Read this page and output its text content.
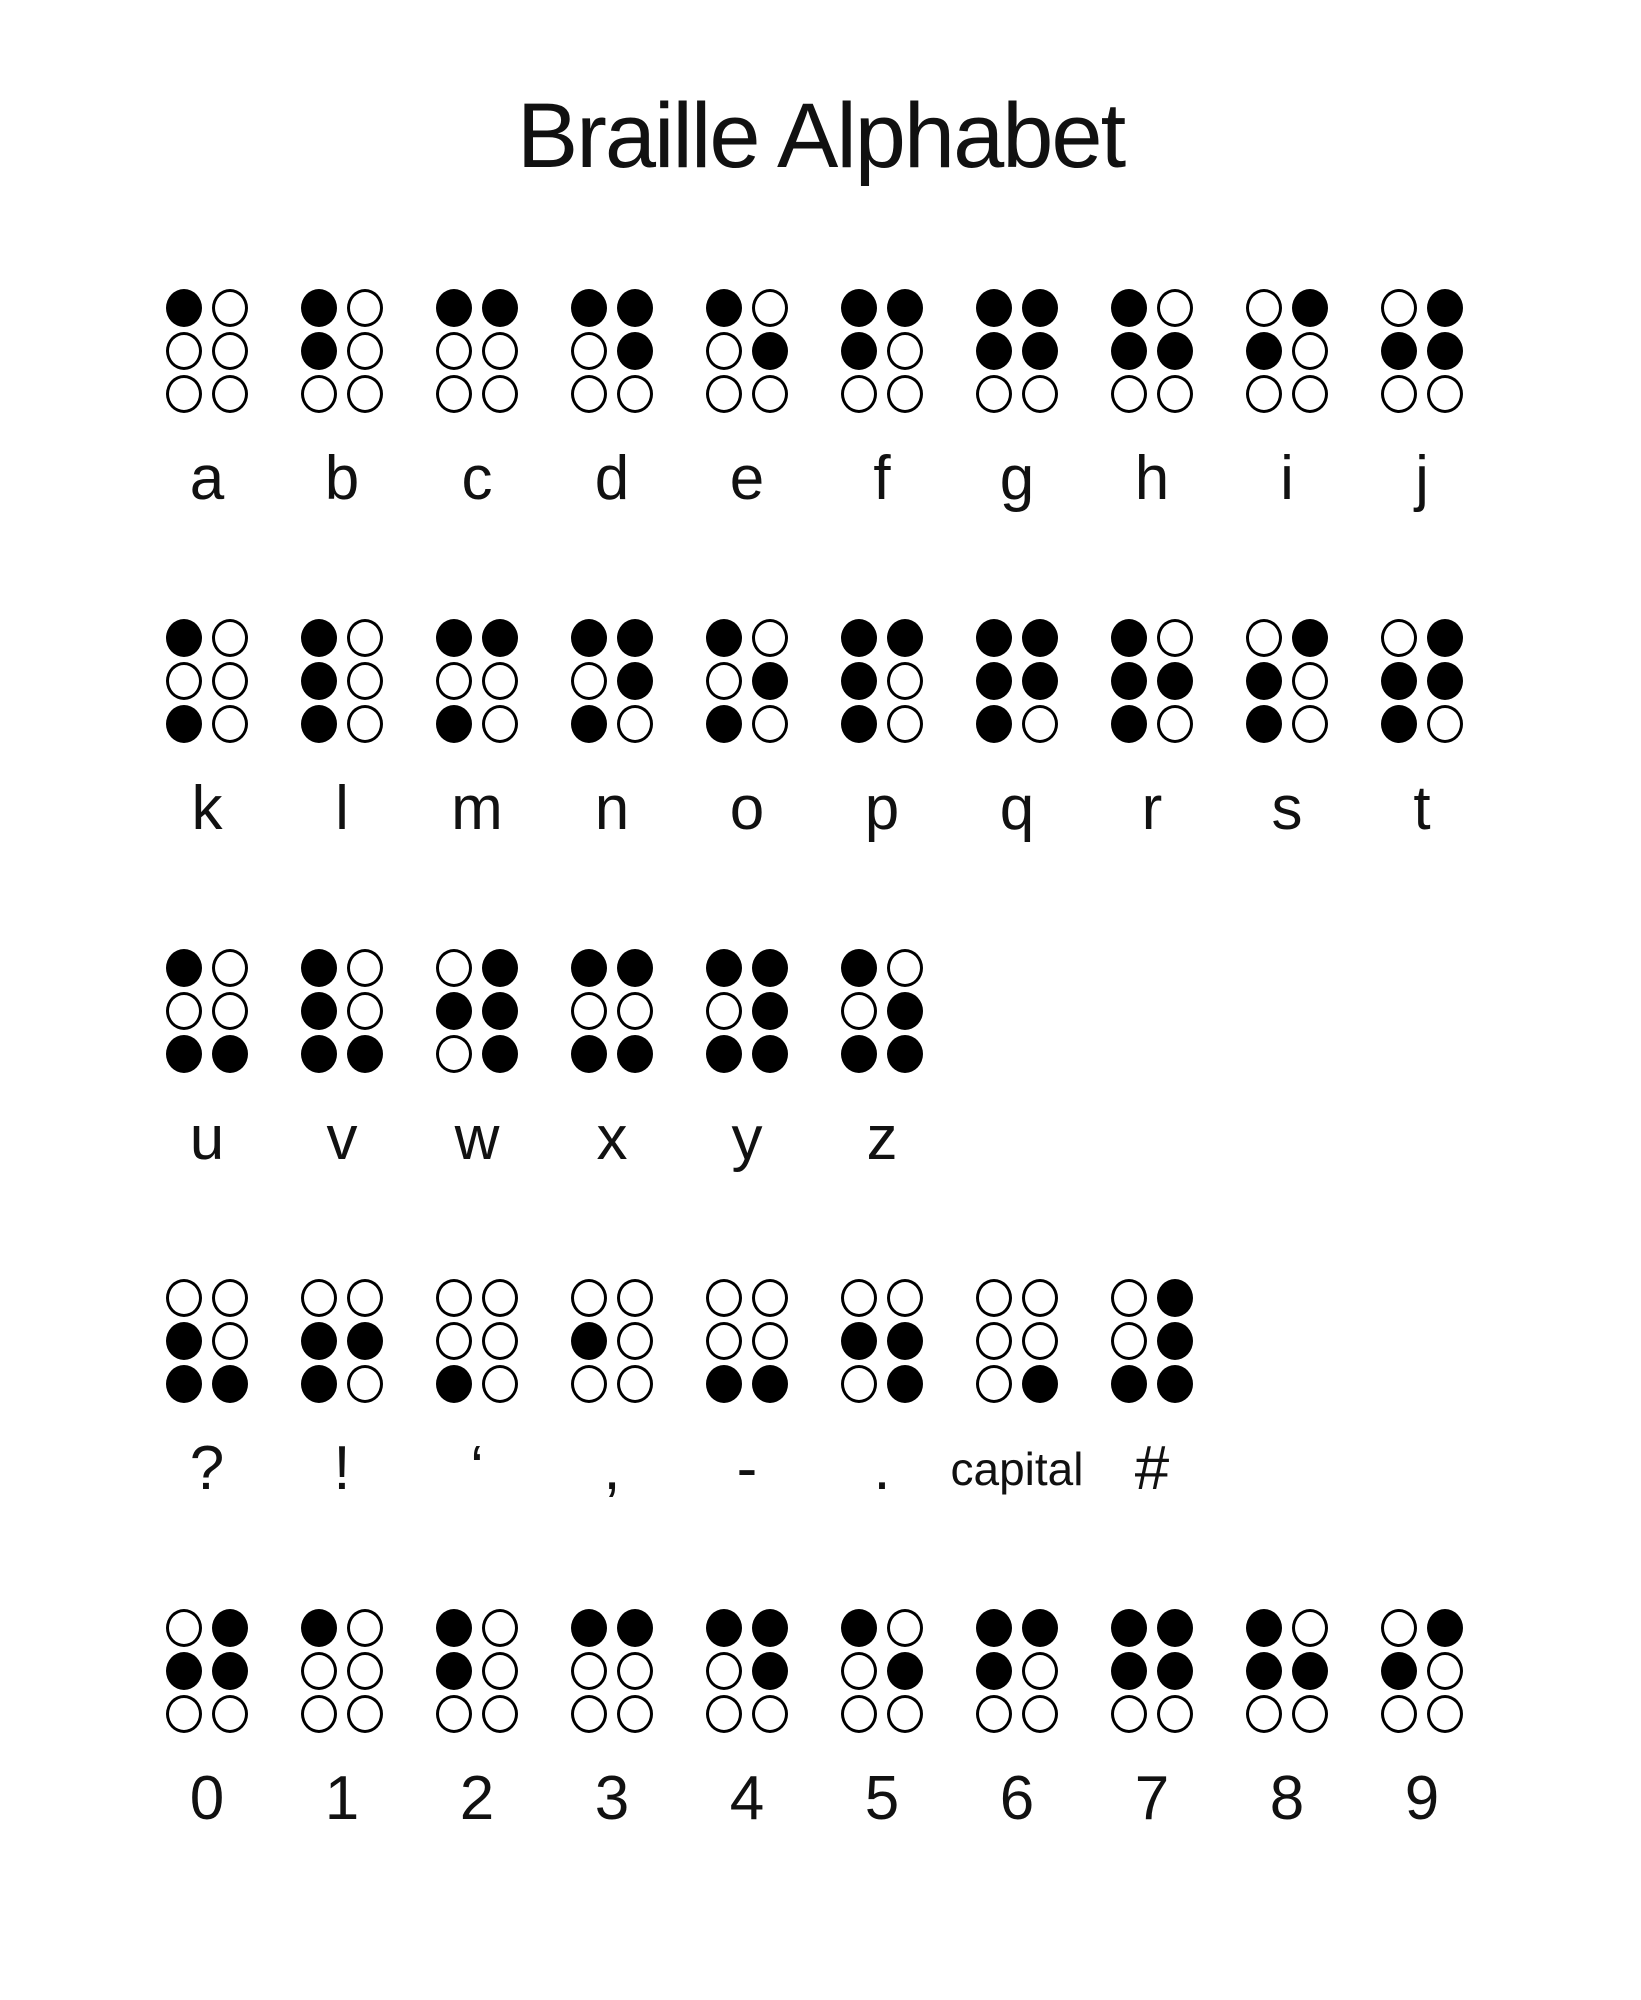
Braille Alphabet
a b c d e f g h i j
k l m n o p q r s t
u v w x y z
? ! ‘ , - . capital #
0 1 2 3 4 5 6 7 8 9
